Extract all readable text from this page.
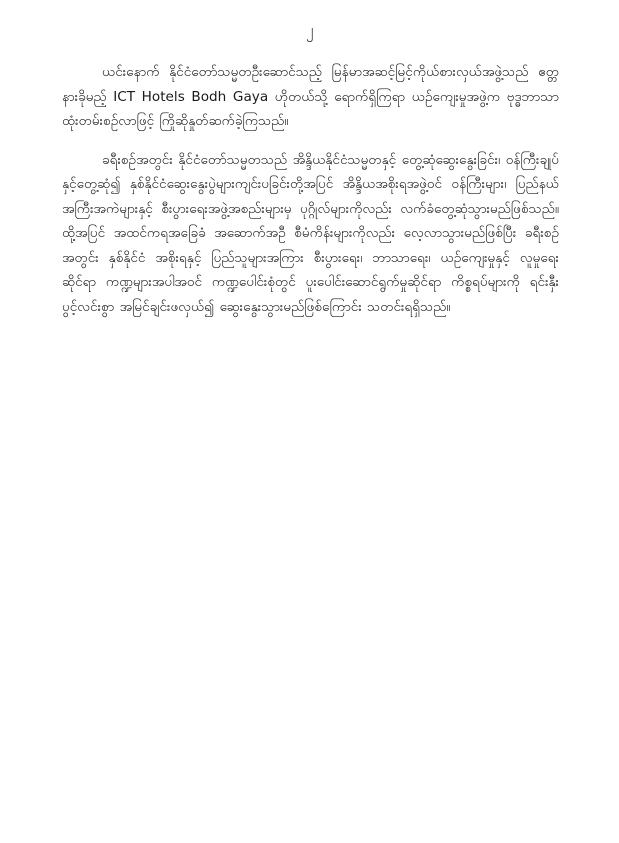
၂

ယင်းနောက် နိုင်ငံတော်သမ္မတဦးဆောင်သည့် မြန်မာအဆင့်မြင့်ကိုယ်စားလှယ်အဖွဲ့သည် ဧတ္တနားခိုမည့် ICT Hotels Bodh Gaya ဟိုတယ်သို့ ရောက်ရှိကြရာ ယဉ်ကျေးမှုအဖွဲ့က ဗုဒ္ဓဘာသာထုံးတမ်းစဉ်လာဖြင့် ကြိုဆိုနှုတ်ဆက်ခဲ့ကြသည်။

ခရီးစဉ်အတွင်း နိုင်ငံတော်သမ္မတသည် အိန္ဒိယနိုင်ငံသမ္မတနှင့် တွေ့ဆုံဆွေးနွေးခြင်း၊ ဝန်ကြီးချုပ်နှင့်တွေ့ဆုံ၍ နှစ်နိုင်ငံဆွေးနွေးပွဲများကျင်းပခြင်းတို့အပြင် အိန္ဒိယအစိုးရအဖွဲ့ဝင် ဝန်ကြီးများ၊ ပြည်နယ်အကြီးအကဲများနှင့် စီးပွားရေးအဖွဲ့အစည်းများမှ ပုဂ္ဂိုလ်များကိုလည်း လက်ခံတွေ့ဆုံသွားမည်ဖြစ်သည်။ ထို့အပြင် အထင်ကရအခြေခံ အဆောက်အဦ စီမံကိန်းများကိုလည်း လေ့လာသွားမည်ဖြစ်ပြီး ခရီးစဉ်အတွင်း နှစ်နိုင်ငံ အစိုးရနှင့် ပြည်သူများအကြား စီးပွားရေး၊ ဘာသာရေး၊ ယဉ်ကျေးမှုနှင့် လူမှုရေးဆိုင်ရာ ကဏ္ဍများအပါအဝင် ကဏ္ဍပေါင်းစုံတွင် ပူးပေါင်းဆောင်ရွက်မှုဆိုင်ရာ ကိစ္စရပ်များကို ရင်းနှီးပွင့်လင်းစွာ အမြင်ချင်းဖလှယ်၍ ဆွေးနွေးသွားမည်ဖြစ်ကြောင်း သတင်းရရှိသည်။
